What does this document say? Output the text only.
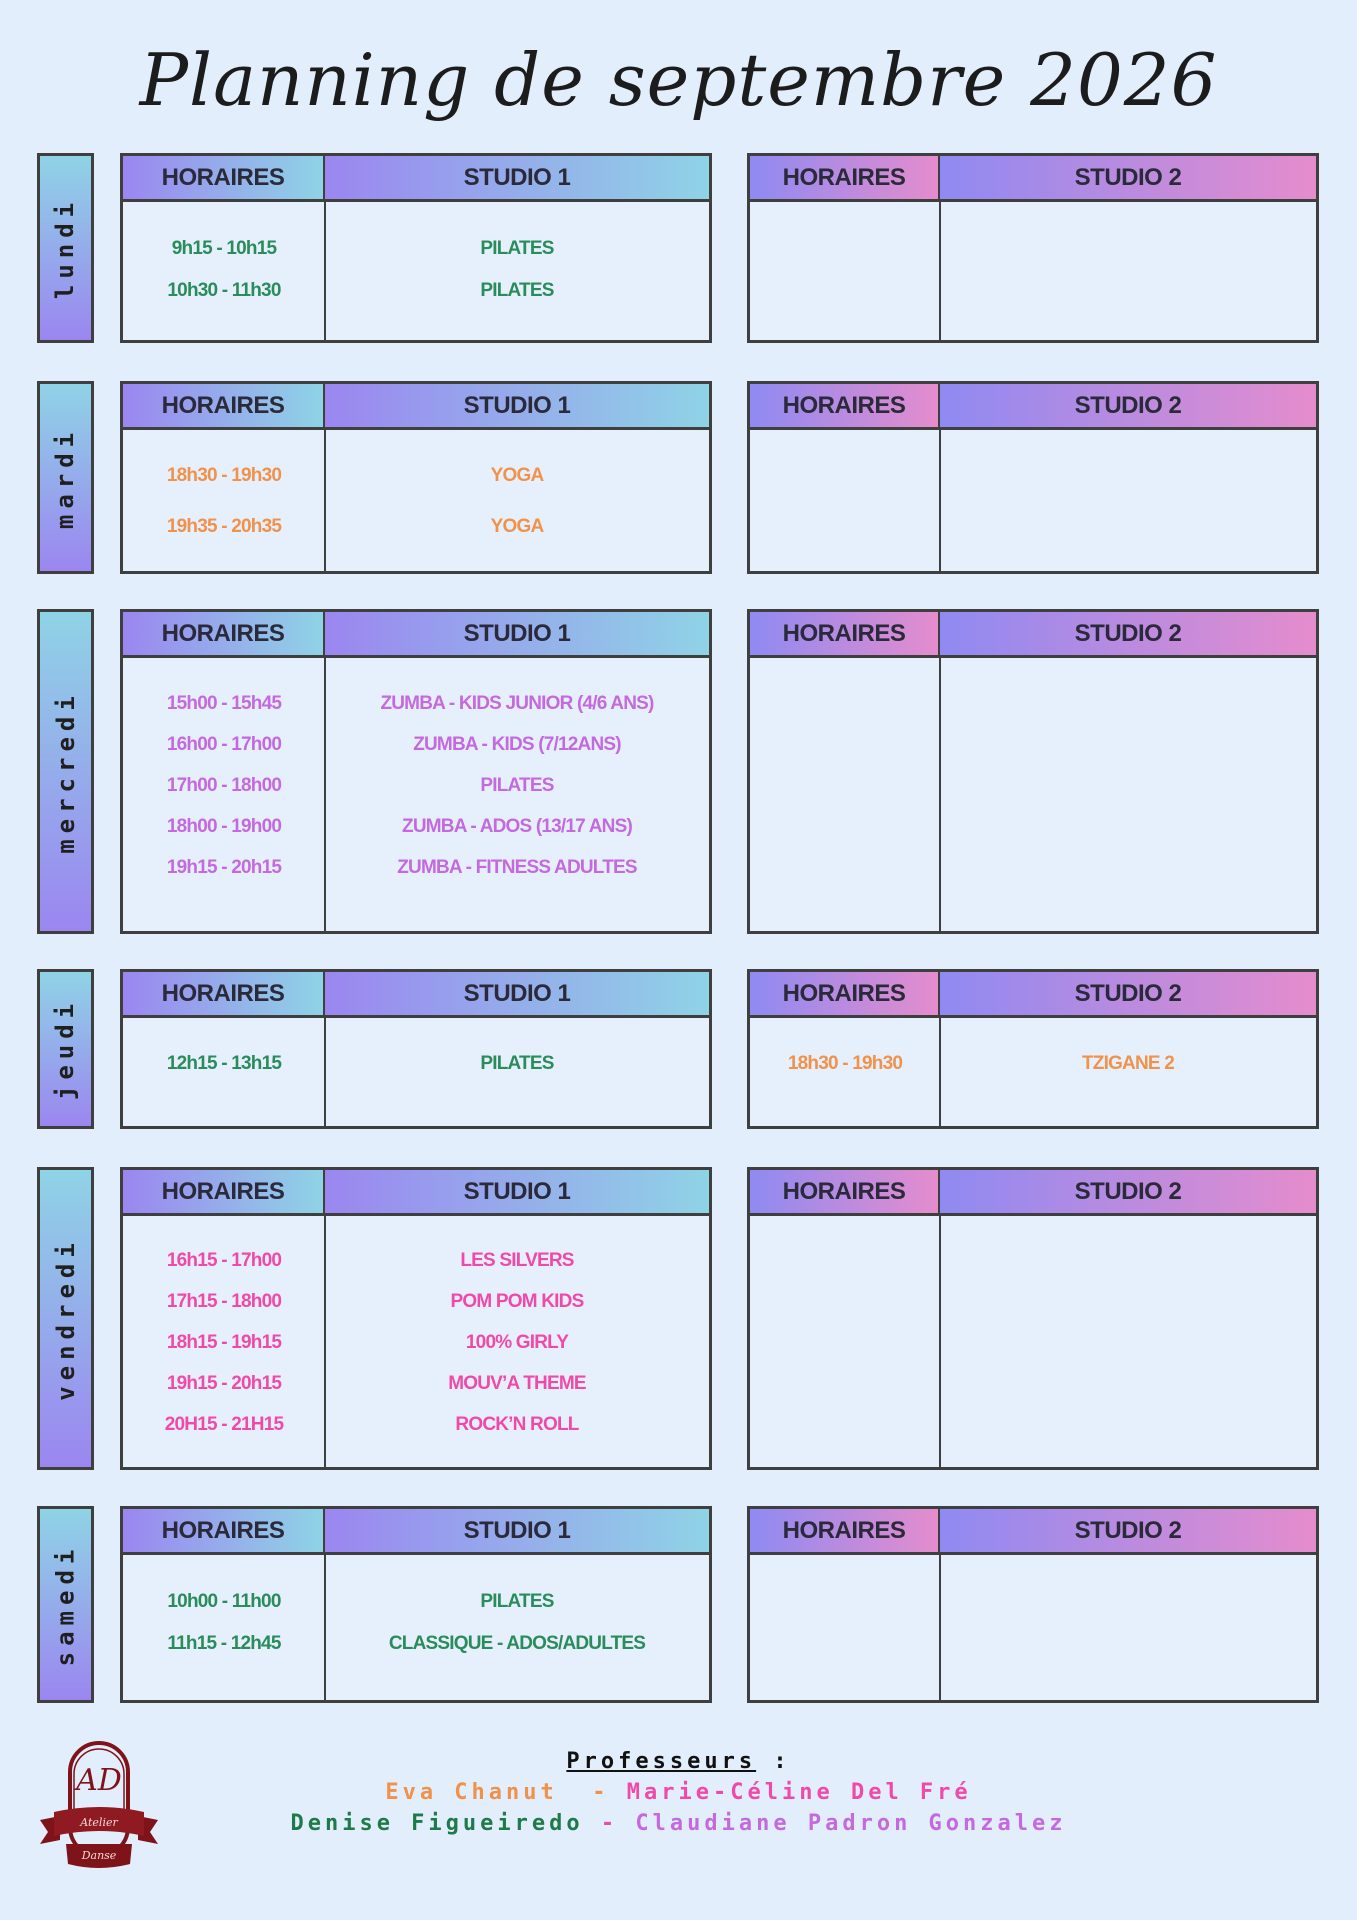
Planning de septembre 2026
lundi
HORAIRES	STUDIO 1
9h15 - 10h15	PILATES
10h30 - 11h30	PILATES
HORAIRES	STUDIO 2
mardi
HORAIRES	STUDIO 1
18h30 - 19h30	YOGA
19h35 - 20h35	YOGA
HORAIRES	STUDIO 2
mercredi
HORAIRES	STUDIO 1
15h00 - 15h45	ZUMBA - KIDS JUNIOR (4/6 ANS)
16h00 - 17h00	ZUMBA - KIDS (7/12ANS)
17h00 - 18h00	PILATES
18h00 - 19h00	ZUMBA - ADOS (13/17 ANS)
19h15 - 20h15	ZUMBA - FITNESS ADULTES
HORAIRES	STUDIO 2
jeudi
HORAIRES	STUDIO 1
12h15 - 13h15	PILATES
HORAIRES	STUDIO 2
18h30 - 19h30	TZIGANE 2
vendredi
HORAIRES	STUDIO 1
16h15 - 17h00	LES SILVERS
17h15 - 18h00	POM POM KIDS
18h15 - 19h15	100% GIRLY
19h15 - 20h15	MOUV’A THEME
20H15 - 21H15	ROCK’N ROLL
HORAIRES	STUDIO 2
samedi
HORAIRES	STUDIO 1
10h00 - 11h00	PILATES
11h15 - 12h45	CLASSIQUE - ADOS/ADULTES
HORAIRES	STUDIO 2
Professeurs :
Eva Chanut  - Marie-Céline Del Fré
Denise Figueiredo - Claudiane Padron Gonzalez
AD
Atelier
Danse
